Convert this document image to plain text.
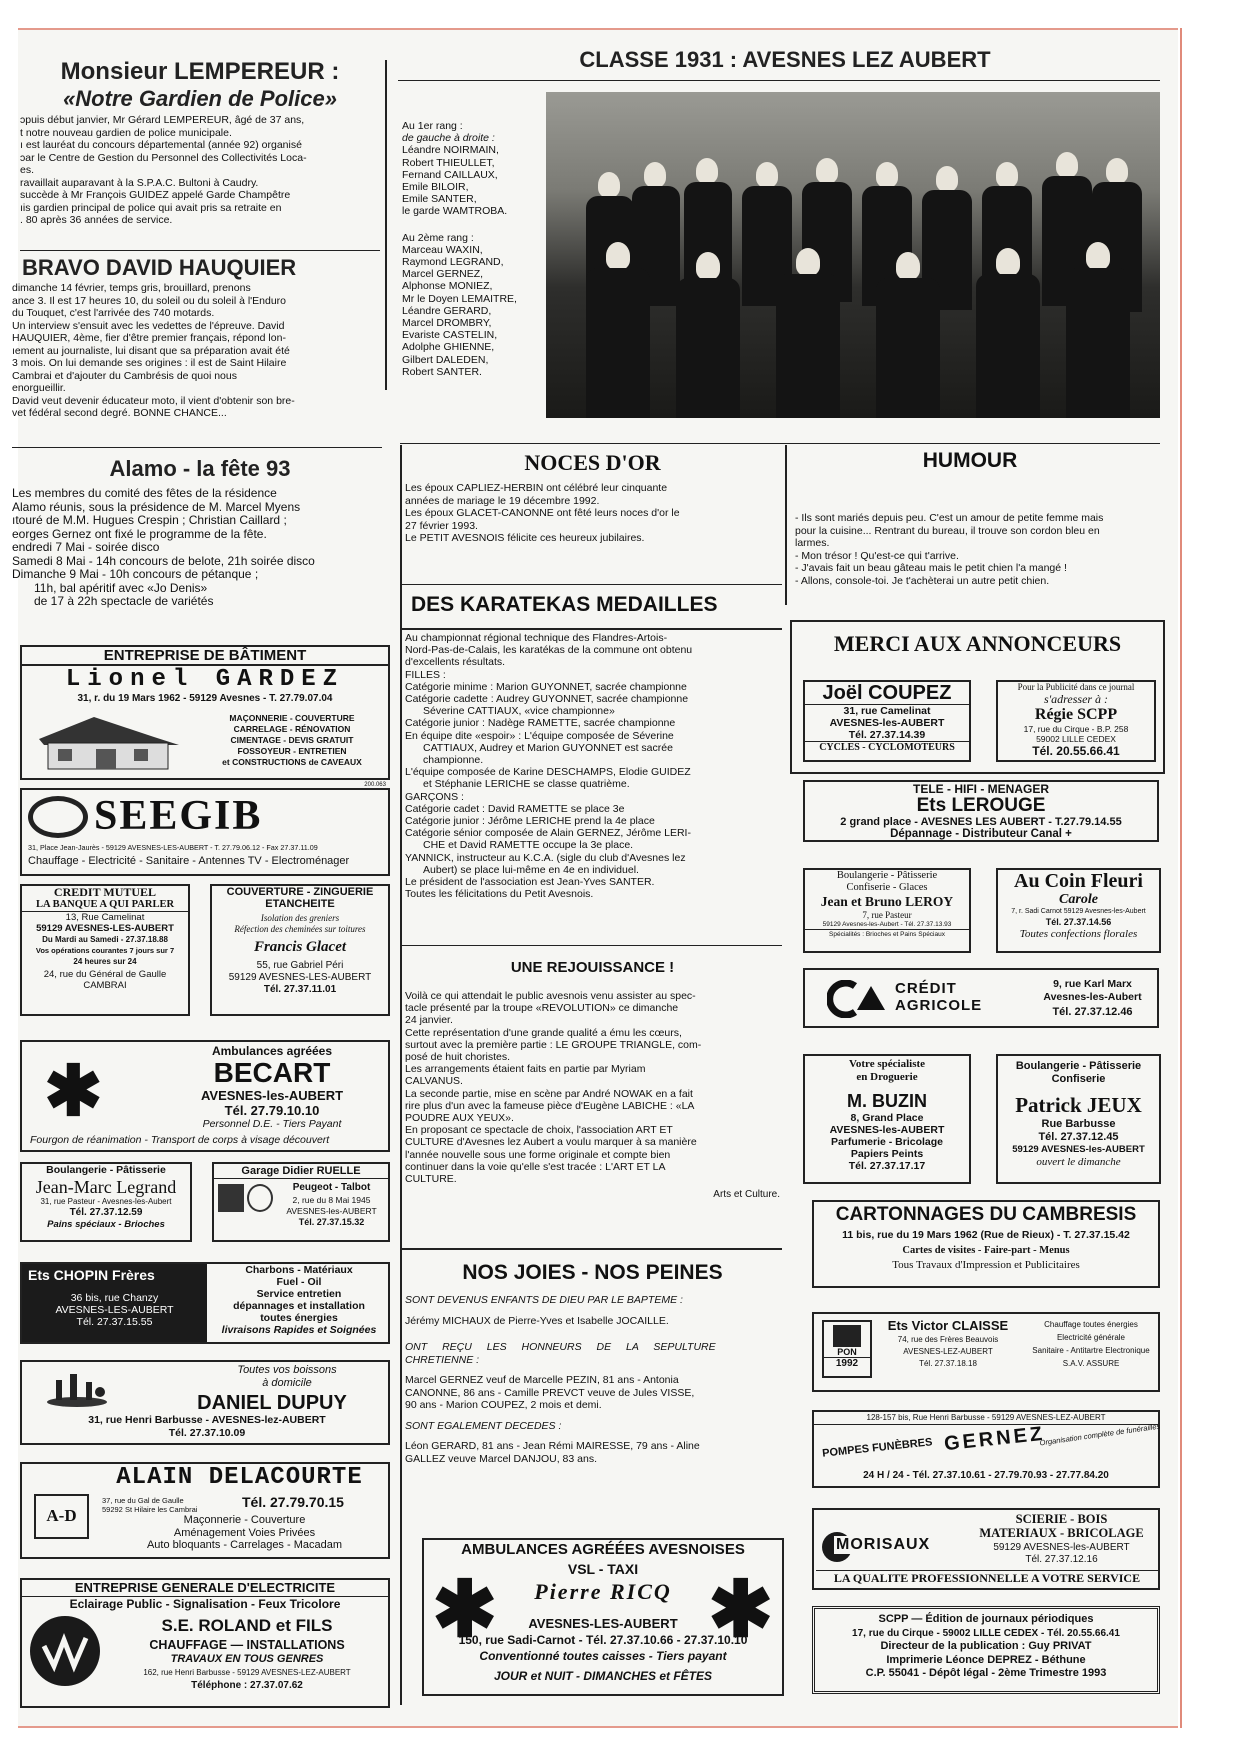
Monsieur LEMPEREUR :
«Notre Gardien de Police»
ɔpuis début janvier, Mr Gérard LEMPEREUR, âgé de 37 ans,
t notre nouveau gardien de police municipale.
ı est lauréat du concours départemental (année 92) organisé
ɔar le Centre de Gestion du Personnel des Collectivités Loca-
es.
ravaillait auparavant à la S.P.A.C. Bultoni à Caudry.
succède à Mr François GUIDEZ appelé Garde Champêtre
ıis gardien principal de police qui avait pris sa retraite en
. 80 après 36 années de service.
BRAVO DAVID HAUQUIER
dimanche 14 février, temps gris, brouillard, prenons
ance 3. Il est 17 heures 10, du soleil ou du soleil à l'Enduro
du Touquet, c'est l'arrivée des 740 motards.
Un interview s'ensuit avec les vedettes de l'épreuve. David
HAUQUIER, 4ème, fier d'être premier français, répond lon-
ıement au journaliste, lui disant que sa préparation avait été
3 mois. On lui demande ses origines : il est de Saint Hilaire
Cambrai et d'ajouter du Cambrésis de quoi nous
enorgueillir.
David veut devenir éducateur moto, il vient d'obtenir son bre-
vet fédéral second degré. BONNE CHANCE...
Alamo - la fête 93
Les membres du comité des fêtes de la résidence
Alamo réunis, sous la présidence de M. Marcel Myens
ıtouré de M.M. Hugues Crespin ; Christian Caillard ;
eorges Gernez ont fixé le programme de la fête.
endredi 7 Mai - soirée disco
Samedi 8 Mai - 14h concours de belote, 21h soirée disco
Dimanche 9 Mai - 10h concours de pétanque ;
11h, bal apéritif avec «Jo Denis»
de 17 à 22h spectacle de variétés
ENTREPRISE DE BÂTIMENT
Lionel GARDEZ
31, r. du 19 Mars 1962 - 59129 Avesnes - T. 27.79.07.04
MAÇONNERIE - COUVERTURE
CARRELAGE - RÉNOVATION
CIMENTAGE - DEVIS GRATUIT
FOSSOYEUR - ENTRETIEN
et CONSTRUCTIONS de CAVEAUX
200.063
SEEGIB
31, Place Jean-Jaurès - 59129 AVESNES-LES-AUBERT - T. 27.79.06.12 - Fax 27.37.11.09
Chauffage - Electricité - Sanitaire - Antennes TV - Electroménager
CREDIT MUTUEL
LA BANQUE A QUI PARLER
13, Rue Camelinat
59129 AVESNES-LES-AUBERT
Du Mardi au Samedi - 27.37.18.88
Vos opérations courantes 7 jours sur 7
24 heures sur 24
24, rue du Général de Gaulle
CAMBRAI
COUVERTURE - ZINGUERIE
ETANCHEITE
Isolation des greniers
Réfection des cheminées sur toitures
Francis Glacet
55, rue Gabriel Péri
59129 AVESNES-LES-AUBERT
Tél. 27.37.11.01
✱
Ambulances agréées
BECART
AVESNES-les-AUBERT
Tél. 27.79.10.10
Personnel D.E. - Tiers Payant
Fourgon de réanimation - Transport de corps à visage découvert
Boulangerie - Pâtisserie
Jean-Marc Legrand
31, rue Pasteur - Avesnes-les-Aubert
Tél. 27.37.12.59
Pains spéciaux - Brioches
Garage Didier RUELLE
Peugeot - Talbot
2, rue du 8 Mai 1945
AVESNES-les-AUBERT
Tél. 27.37.15.32
Ets CHOPIN Frères
36 bis, rue Chanzy
AVESNES-LES-AUBERT
Tél. 27.37.15.55
Charbons - Matériaux
Fuel - Oil
Service entretien
dépannages et installation
toutes énergies
livraisons Rapides et Soignées
Toutes vos boissons
à domicile
DANIEL DUPUY
31, rue Henri Barbusse - AVESNES-lez-AUBERT
Tél. 27.37.10.09
ALAIN DELACOURTE
A-D
37, rue du Gal de Gaulle
59292 St Hilaire les Cambrai	Tél. 27.79.70.15
Maçonnerie - Couverture
Aménagement Voies Privées
Auto bloquants - Carrelages - Macadam
ENTREPRISE GENERALE D'ELECTRICITE
Eclairage Public - Signalisation - Feux Tricolore
S.E. ROLAND et FILS
CHAUFFAGE — INSTALLATIONS
TRAVAUX EN TOUS GENRES
162, rue Henri Barbusse - 59129 AVESNES-LEZ-AUBERT
Téléphone : 27.37.07.62
CLASSE 1931 : AVESNES LEZ AUBERT
Au 1er rang :
de gauche à droite :
Léandre NOIRMAIN,
Robert THIEULLET,
Fernand CAILLAUX,
Emile BILOIR,
Emile SANTER,
le garde WAMTROBA.
Au 2ème rang :
Marceau WAXIN,
Raymond LEGRAND,
Marcel GERNEZ,
Alphonse MONIEZ,
Mr le Doyen LEMAITRE,
Léandre GERARD,
Marcel DROMBRY,
Evariste CASTELIN,
Adolphe GHIENNE,
Gilbert DALEDEN,
Robert SANTER.
NOCES D'OR
Les époux CAPLIEZ-HERBIN ont célébré leur cinquante
années de mariage le 19 décembre 1992.
Les époux GLACET-CANONNE ont fêté leurs noces d'or le
27 février 1993.
Le PETIT AVESNOIS félicite ces heureux jubilaires.
HUMOUR
- Ils sont mariés depuis peu. C'est un amour de petite femme mais
pour la cuisine... Rentrant du bureau, il trouve son cordon bleu en
larmes.
- Mon trésor ! Qu'est-ce qui t'arrive.
- J'avais fait un beau gâteau mais le petit chien l'a mangé !
- Allons, console-toi. Je t'achèterai un autre petit chien.
DES KARATEKAS MEDAILLES
Au championnat régional technique des Flandres-Artois-
Nord-Pas-de-Calais, les karatékas de la commune ont obtenu
d'excellents résultats.
FILLES :
Catégorie minime : Marion GUYONNET, sacrée championne
Catégorie cadette : Audrey GUYONNET, sacrée championne
Séverine CATTIAUX, «vice championne»
Catégorie junior : Nadège RAMETTE, sacrée championne
En équipe dite «espoir» : L'équipe composée de Séverine
CATTIAUX, Audrey et Marion GUYONNET est sacrée
championne.
L'équipe composée de Karine DESCHAMPS, Elodie GUIDEZ
et Stéphanie LERICHE se classe quatrième.
GARÇONS :
Catégorie cadet : David RAMETTE se place 3e
Catégorie junior : Jérôme LERICHE prend la 4e place
Catégorie sénior composée de Alain GERNEZ, Jérôme LERI-
CHE et David RAMETTE occupe la 3e place.
YANNICK, instructeur au K.C.A. (sigle du club d'Avesnes lez
Aubert) se place lui-même en 4e en individuel.
Le président de l'association est Jean-Yves SANTER.
Toutes les félicitations du Petit Avesnois.
UNE REJOUISSANCE !
Voilà ce qui attendait le public avesnois venu assister au spec-
tacle présenté par la troupe «REVOLUTION» ce dimanche
24 janvier.
Cette représentation d'une grande qualité a ému les cœurs,
surtout avec la première partie : LE GROUPE TRIANGLE, com-
posé de huit choristes.
Les arrangements étaient faits en partie par Myriam
CALVANUS.
La seconde partie, mise en scène par André NOWAK en a fait
rire plus d'un avec la fameuse pièce d'Eugène LABICHE : «LA
POUDRE AUX YEUX».
En proposant ce spectacle de choix, l'association ART ET
CULTURE d'Avesnes lez Aubert a voulu marquer à sa manière
l'année nouvelle sous une forme originale et compte bien
continuer dans la voie qu'elle s'est tracée : L'ART ET LA
CULTURE.
Arts et Culture.
NOS JOIES - NOS PEINES
SONT DEVENUS ENFANTS DE DIEU PAR LE BAPTEME :
Jérémy MICHAUX de Pierre-Yves et Isabelle JOCAILLE.
ONT REÇU LES HONNEURS DE LA SEPULTURE
CHRETIENNE :
Marcel GERNEZ veuf de Marcelle PEZIN, 81 ans - Antonia
CANONNE, 86 ans - Camille PREVCT veuve de Jules VISSE,
90 ans - Marion COUPEZ, 2 mois et demi.
SONT EGALEMENT DECEDES :
Léon GERARD, 81 ans - Jean Rémi MAIRESSE, 79 ans - Aline
GALLEZ veuve Marcel DANJOU, 83 ans.
AMBULANCES AGRÉÉES AVESNOISES
VSL - TAXI
✱	✱
Pierre RICQ
AVESNES-LES-AUBERT
150, rue Sadi-Carnot - Tél. 27.37.10.66 - 27.37.10.10
Conventionné toutes caisses - Tiers payant
JOUR et NUIT - DIMANCHES et FÊTES
MERCI AUX ANNONCEURS
Joël COUPEZ
31, rue Camelinat
AVESNES-les-AUBERT
Tél. 27.37.14.39
CYCLES - CYCLOMOTEURS
Pour la Publicité dans ce journal
s'adresser à :
Régie SCPP
17, rue du Cirque - B.P. 258
59002 LILLE CEDEX
Tél. 20.55.66.41
TELE - HIFI - MENAGER
Ets LEROUGE
2 grand place - AVESNES LES AUBERT - T.27.79.14.55
Dépannage - Distributeur Canal +
Boulangerie - Pâtisserie
Confiserie - Glaces
Jean et Bruno LEROY
7, rue Pasteur
59129 Avesnes-les-Aubert - Tél. 27.37.13.93
Spécialités : Brioches et Pains Spéciaux
Au Coin Fleuri
Carole
7, r. Sadi Carnot 59129 Avesnes-les-Aubert
Tél. 27.37.14.56
Toutes confections florales
CRÉDIT
AGRICOLE
9, rue Karl Marx
Avesnes-les-Aubert
Tél. 27.37.12.46
Votre spécialiste
en Droguerie
M. BUZIN
8, Grand Place
AVESNES-les-AUBERT
Parfumerie - Bricolage
Papiers Peints
Tél. 27.37.17.17
Boulangerie - Pâtisserie
Confiserie
Patrick JEUX
Rue Barbusse
Tél. 27.37.12.45
59129 AVESNES-les-AUBERT
ouvert le dimanche
CARTONNAGES DU CAMBRESIS
11 bis, rue du 19 Mars 1962 (Rue de Rieux) - T. 27.37.15.42
Cartes de visites - Faire-part - Menus
Tous Travaux d'Impression et Publicitaires
PON
1992
Ets Victor CLAISSE
74, rue des Frères Beauvois
AVESNES-LEZ-AUBERT
Tél. 27.37.18.18
Chauffage toutes énergies
Electricité générale
Sanitaire - Antitartre Electronique
S.A.V. ASSURE
128-157 bis, Rue Henri Barbusse - 59129 AVESNES-LEZ-AUBERT
POMPES FUNÈBRES GERNEZ
Organisation complète de funérailles
24 H / 24 - Tél. 27.37.10.61 - 27.79.70.93 - 27.77.84.20
MORISAUX
SCIERIE - BOIS
MATERIAUX - BRICOLAGE
59129 AVESNES-les-AUBERT
Tél. 27.37.12.16
LA QUALITE PROFESSIONNELLE A VOTRE SERVICE
SCPP — Édition de journaux périodiques
17, rue du Cirque - 59002 LILLE CEDEX - Tél. 20.55.66.41
Directeur de la publication : Guy PRIVAT
Imprimerie Léonce DEPREZ - Béthune
C.P. 55041 - Dépôt légal - 2ème Trimestre 1993
